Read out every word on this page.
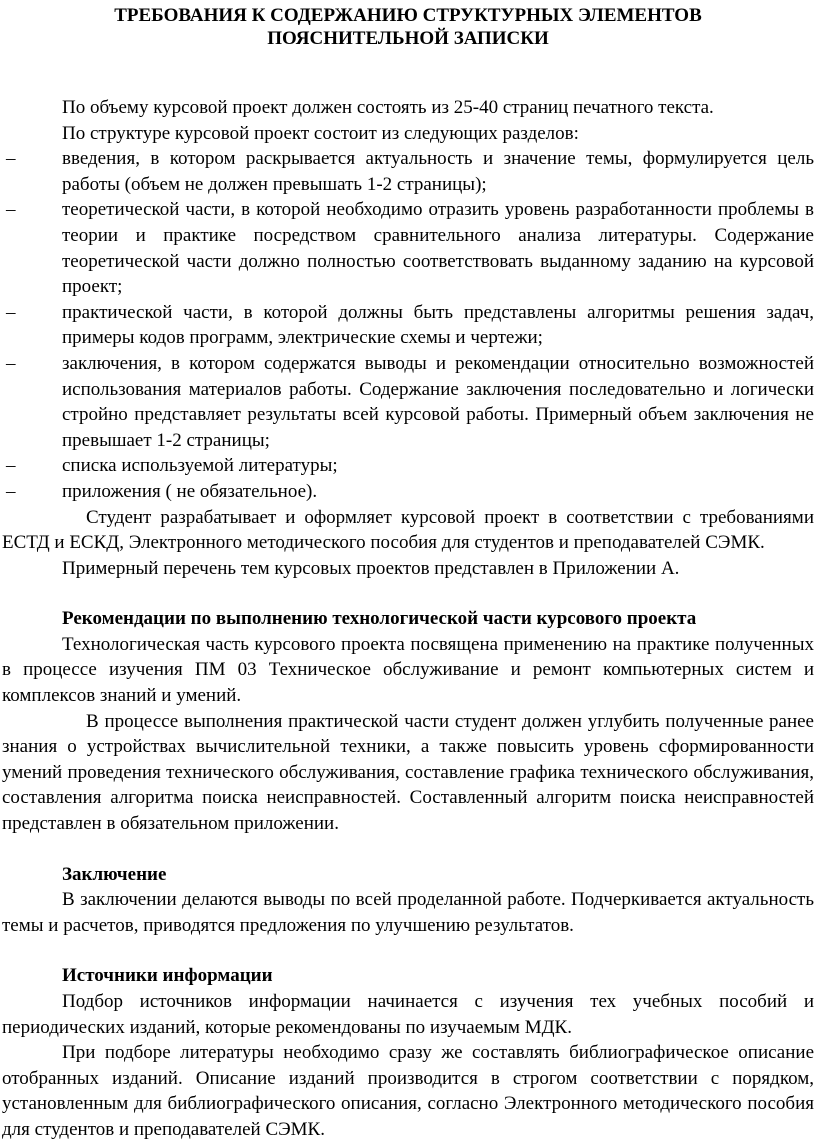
ТРЕБОВАНИЯ К СОДЕРЖАНИЮ СТРУКТУРНЫХ ЭЛЕМЕНТОВ
ПОЯСНИТЕЛЬНОЙ ЗАПИСКИ

По объему курсовой проект должен состоять из 25-40 страниц печатного текста.

По структуре курсовой проект состоит из следующих разделов:

– введения, в котором раскрывается актуальность и значение темы, формулируется цель работы (объем не должен превышать 1-2 страницы);
– теоретической части, в которой необходимо отразить уровень разработанности проблемы в теории и практике посредством сравнительного анализа литературы. Содержание теоретической части должно полностью соответствовать выданному заданию на курсовой проект;
– практической части, в которой должны быть представлены алгоритмы решения задач, примеры кодов программ, электрические схемы и чертежи;
– заключения, в котором содержатся выводы и рекомендации относительно возможностей использования материалов работы. Содержание заключения последовательно и логически стройно представляет результаты всей курсовой работы. Примерный объем заключения не превышает 1-2 страницы;
– списка используемой литературы;
– приложения ( не обязательное).

Студент разрабатывает и оформляет курсовой проект в соответствии с требованиями ЕСТД и ЕСКД, Электронного методического пособия для студентов и преподавателей СЭМК.

Примерный перечень тем курсовых проектов представлен в Приложении А.

Рекомендации по выполнению технологической части курсового проекта

Технологическая часть курсового проекта посвящена применению на практике полученных в процессе изучения ПМ 03 Техническое обслуживание и ремонт компьютерных систем и комплексов знаний и умений.

В процессе выполнения практической части студент должен углубить полученные ранее знания о устройствах вычислительной техники, а также повысить уровень сформированности умений проведения технического обслуживания, составление графика технического обслуживания, составления алгоритма поиска неисправностей. Составленный алгоритм поиска неисправностей представлен в обязательном приложении.

Заключение

В заключении делаются выводы по всей проделанной работе. Подчеркивается актуальность темы и расчетов, приводятся предложения по улучшению результатов.

Источники информации

Подбор источников информации начинается с изучения тех учебных пособий и периодических изданий, которые рекомендованы по изучаемым МДК.

При подборе литературы необходимо сразу же составлять библиографическое описание отобранных изданий. Описание изданий производится в строгом соответствии с порядком, установленным для библиографического описания, согласно Электронного методического пособия для студентов и преподавателей СЭМК.
